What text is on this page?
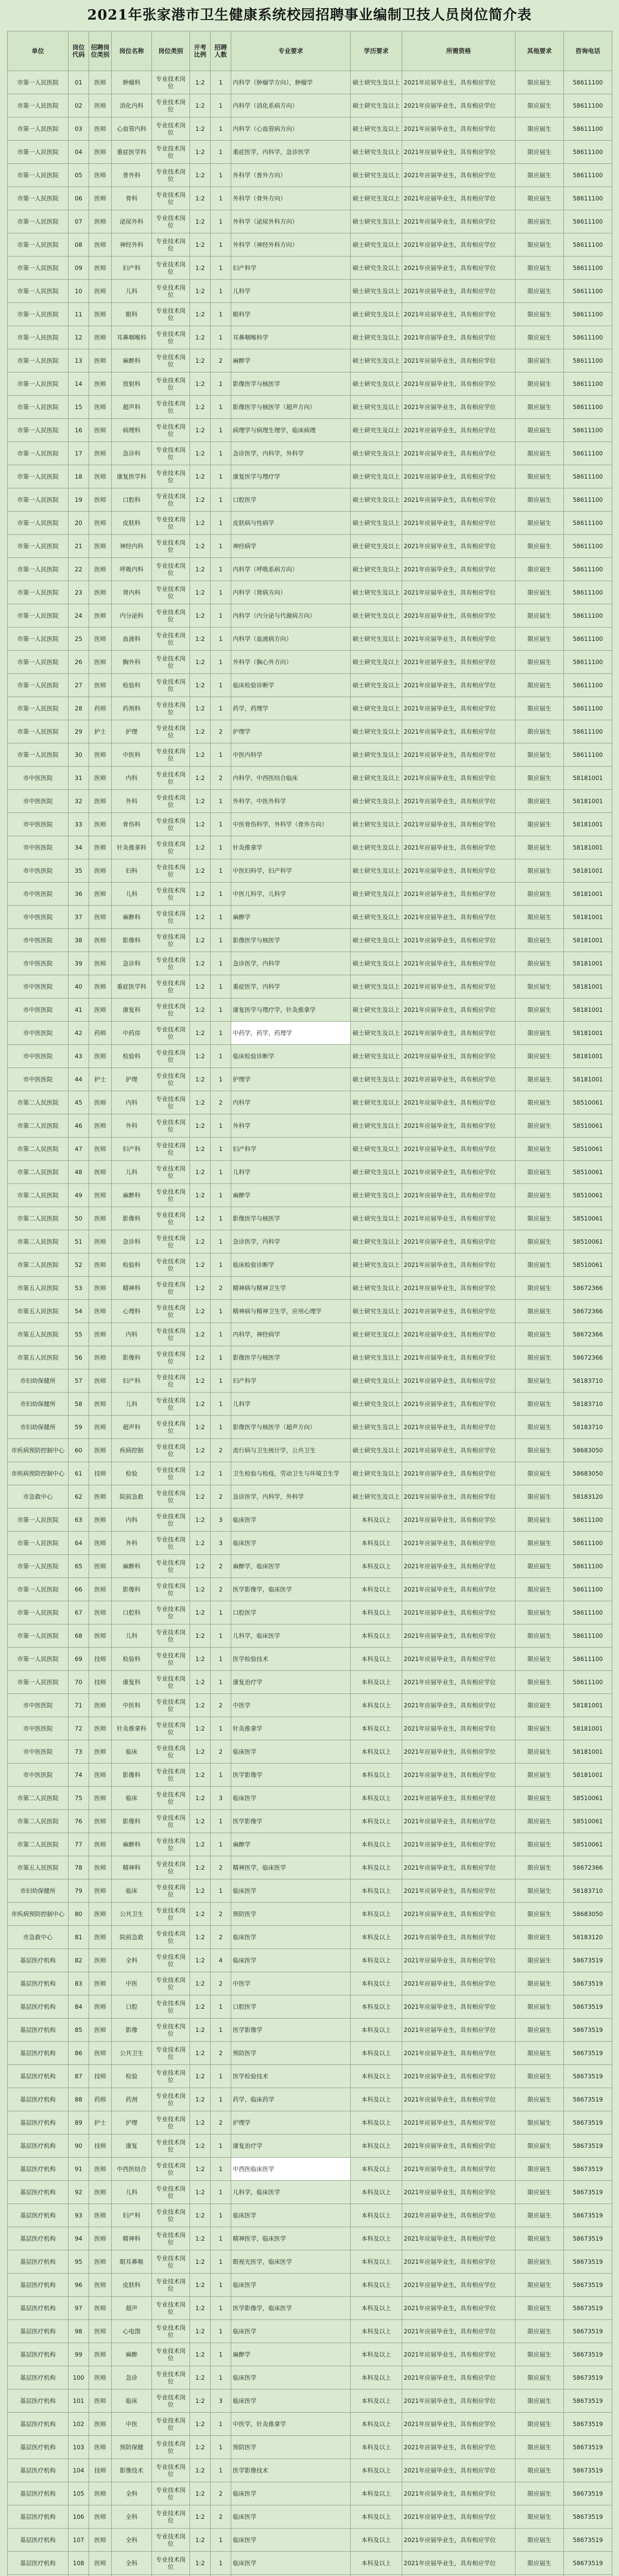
2021年张家港市卫生健康系统校园招聘事业编制卫技人员岗位简介表
单位	岗位代码	招聘岗位类别	岗位名称	岗位类别	开考比例	招聘人数	专业要求	学历要求	所需资格	其他要求	咨询电话
市第一人民医院	01	医师	肿瘤科	专业技术岗位	1:2	1	内科学（肿瘤学方向），肿瘤学	硕士研究生及以上	2021年应届毕业生，具有相应学位	限应届生	58611100
市第一人民医院	02	医师	消化内科	专业技术岗位	1:2	1	内科学（消化系病方向）	硕士研究生及以上	2021年应届毕业生，具有相应学位	限应届生	58611100
市第一人民医院	03	医师	心血管内科	专业技术岗位	1:2	1	内科学（心血管病方向）	硕士研究生及以上	2021年应届毕业生，具有相应学位	限应届生	58611100
市第一人民医院	04	医师	重症医学科	专业技术岗位	1:2	1	重症医学，内科学，急诊医学	硕士研究生及以上	2021年应届毕业生，具有相应学位	限应届生	58611100
市第一人民医院	05	医师	普外科	专业技术岗位	1:2	1	外科学（普外方向）	硕士研究生及以上	2021年应届毕业生，具有相应学位	限应届生	58611100
市第一人民医院	06	医师	骨科	专业技术岗位	1:2	1	外科学（骨外方向）	硕士研究生及以上	2021年应届毕业生，具有相应学位	限应届生	58611100
市第一人民医院	07	医师	泌尿外科	专业技术岗位	1:2	1	外科学（泌尿外科方向）	硕士研究生及以上	2021年应届毕业生，具有相应学位	限应届生	58611100
市第一人民医院	08	医师	神经外科	专业技术岗位	1:2	1	外科学（神经外科方向）	硕士研究生及以上	2021年应届毕业生，具有相应学位	限应届生	58611100
市第一人民医院	09	医师	妇产科	专业技术岗位	1:2	1	妇产科学	硕士研究生及以上	2021年应届毕业生，具有相应学位	限应届生	58611100
市第一人民医院	10	医师	儿科	专业技术岗位	1:2	1	儿科学	硕士研究生及以上	2021年应届毕业生，具有相应学位	限应届生	58611100
市第一人民医院	11	医师	眼科	专业技术岗位	1:2	1	眼科学	硕士研究生及以上	2021年应届毕业生，具有相应学位	限应届生	58611100
市第一人民医院	12	医师	耳鼻咽喉科	专业技术岗位	1:2	1	耳鼻咽喉科学	硕士研究生及以上	2021年应届毕业生，具有相应学位	限应届生	58611100
市第一人民医院	13	医师	麻醉科	专业技术岗位	1:2	2	麻醉学	硕士研究生及以上	2021年应届毕业生，具有相应学位	限应届生	58611100
市第一人民医院	14	医师	放射科	专业技术岗位	1:2	1	影像医学与核医学	硕士研究生及以上	2021年应届毕业生，具有相应学位	限应届生	58611100
市第一人民医院	15	医师	超声科	专业技术岗位	1:2	1	影像医学与核医学（超声方向）	硕士研究生及以上	2021年应届毕业生，具有相应学位	限应届生	58611100
市第一人民医院	16	医师	病理科	专业技术岗位	1:2	1	病理学与病理生理学，临床病理	硕士研究生及以上	2021年应届毕业生，具有相应学位	限应届生	58611100
市第一人民医院	17	医师	急诊科	专业技术岗位	1:2	1	急诊医学，内科学，外科学	硕士研究生及以上	2021年应届毕业生，具有相应学位	限应届生	58611100
市第一人民医院	18	医师	康复医学科	专业技术岗位	1:2	1	康复医学与理疗学	硕士研究生及以上	2021年应届毕业生，具有相应学位	限应届生	58611100
市第一人民医院	19	医师	口腔科	专业技术岗位	1:2	1	口腔医学	硕士研究生及以上	2021年应届毕业生，具有相应学位	限应届生	58611100
市第一人民医院	20	医师	皮肤科	专业技术岗位	1:2	1	皮肤病与性病学	硕士研究生及以上	2021年应届毕业生，具有相应学位	限应届生	58611100
市第一人民医院	21	医师	神经内科	专业技术岗位	1:2	1	神经病学	硕士研究生及以上	2021年应届毕业生，具有相应学位	限应届生	58611100
市第一人民医院	22	医师	呼吸内科	专业技术岗位	1:2	1	内科学（呼吸系病方向）	硕士研究生及以上	2021年应届毕业生，具有相应学位	限应届生	58611100
市第一人民医院	23	医师	肾内科	专业技术岗位	1:2	1	内科学（肾病方向）	硕士研究生及以上	2021年应届毕业生，具有相应学位	限应届生	58611100
市第一人民医院	24	医师	内分泌科	专业技术岗位	1:2	1	内科学（内分泌与代谢病方向）	硕士研究生及以上	2021年应届毕业生，具有相应学位	限应届生	58611100
市第一人民医院	25	医师	血液科	专业技术岗位	1:2	1	内科学（血液病方向）	硕士研究生及以上	2021年应届毕业生，具有相应学位	限应届生	58611100
市第一人民医院	26	医师	胸外科	专业技术岗位	1:2	1	外科学（胸心外方向）	硕士研究生及以上	2021年应届毕业生，具有相应学位	限应届生	58611100
市第一人民医院	27	医师	检验科	专业技术岗位	1:2	1	临床检验诊断学	硕士研究生及以上	2021年应届毕业生，具有相应学位	限应届生	58611100
市第一人民医院	28	药师	药剂科	专业技术岗位	1:2	1	药学，药理学	硕士研究生及以上	2021年应届毕业生，具有相应学位	限应届生	58611100
市第一人民医院	29	护士	护理	专业技术岗位	1:2	2	护理学	硕士研究生及以上	2021年应届毕业生，具有相应学位	限应届生	58611100
市第一人民医院	30	医师	中医科	专业技术岗位	1:2	1	中医内科学	硕士研究生及以上	2021年应届毕业生，具有相应学位	限应届生	58611100
市中医医院	31	医师	内科	专业技术岗位	1:2	2	内科学，中西医结合临床	硕士研究生及以上	2021年应届毕业生，具有相应学位	限应届生	58181001
市中医医院	32	医师	外科	专业技术岗位	1:2	1	外科学，中医外科学	硕士研究生及以上	2021年应届毕业生，具有相应学位	限应届生	58181001
市中医医院	33	医师	骨伤科	专业技术岗位	1:2	1	中医骨伤科学，外科学（骨外方向）	硕士研究生及以上	2021年应届毕业生，具有相应学位	限应届生	58181001
市中医医院	34	医师	针灸推拿科	专业技术岗位	1:2	1	针灸推拿学	硕士研究生及以上	2021年应届毕业生，具有相应学位	限应届生	58181001
市中医医院	35	医师	妇科	专业技术岗位	1:2	1	中医妇科学，妇产科学	硕士研究生及以上	2021年应届毕业生，具有相应学位	限应届生	58181001
市中医医院	36	医师	儿科	专业技术岗位	1:2	1	中医儿科学，儿科学	硕士研究生及以上	2021年应届毕业生，具有相应学位	限应届生	58181001
市中医医院	37	医师	麻醉科	专业技术岗位	1:2	1	麻醉学	硕士研究生及以上	2021年应届毕业生，具有相应学位	限应届生	58181001
市中医医院	38	医师	影像科	专业技术岗位	1:2	1	影像医学与核医学	硕士研究生及以上	2021年应届毕业生，具有相应学位	限应届生	58181001
市中医医院	39	医师	急诊科	专业技术岗位	1:2	1	急诊医学，内科学	硕士研究生及以上	2021年应届毕业生，具有相应学位	限应届生	58181001
市中医医院	40	医师	重症医学科	专业技术岗位	1:2	1	重症医学，内科学	硕士研究生及以上	2021年应届毕业生，具有相应学位	限应届生	58181001
市中医医院	41	医师	康复科	专业技术岗位	1:2	1	康复医学与理疗学，针灸推拿学	硕士研究生及以上	2021年应届毕业生，具有相应学位	限应届生	58181001
市中医医院	42	药师	中药房	专业技术岗位	1:2	1	中药学，药学，药理学	硕士研究生及以上	2021年应届毕业生，具有相应学位	限应届生	58181001
市中医医院	43	医师	检验科	专业技术岗位	1:2	1	临床检验诊断学	硕士研究生及以上	2021年应届毕业生，具有相应学位	限应届生	58181001
市中医医院	44	护士	护理	专业技术岗位	1:2	1	护理学	硕士研究生及以上	2021年应届毕业生，具有相应学位	限应届生	58181001
市第二人民医院	45	医师	内科	专业技术岗位	1:2	2	内科学	硕士研究生及以上	2021年应届毕业生，具有相应学位	限应届生	58510061
市第二人民医院	46	医师	外科	专业技术岗位	1:2	1	外科学	硕士研究生及以上	2021年应届毕业生，具有相应学位	限应届生	58510061
市第二人民医院	47	医师	妇产科	专业技术岗位	1:2	1	妇产科学	硕士研究生及以上	2021年应届毕业生，具有相应学位	限应届生	58510061
市第二人民医院	48	医师	儿科	专业技术岗位	1:2	1	儿科学	硕士研究生及以上	2021年应届毕业生，具有相应学位	限应届生	58510061
市第二人民医院	49	医师	麻醉科	专业技术岗位	1:2	1	麻醉学	硕士研究生及以上	2021年应届毕业生，具有相应学位	限应届生	58510061
市第二人民医院	50	医师	影像科	专业技术岗位	1:2	1	影像医学与核医学	硕士研究生及以上	2021年应届毕业生，具有相应学位	限应届生	58510061
市第二人民医院	51	医师	急诊科	专业技术岗位	1:2	1	急诊医学，内科学	硕士研究生及以上	2021年应届毕业生，具有相应学位	限应届生	58510061
市第二人民医院	52	医师	检验科	专业技术岗位	1:2	1	临床检验诊断学	硕士研究生及以上	2021年应届毕业生，具有相应学位	限应届生	58510061
市第五人民医院	53	医师	精神科	专业技术岗位	1:2	2	精神病与精神卫生学	硕士研究生及以上	2021年应届毕业生，具有相应学位	限应届生	58672366
市第五人民医院	54	医师	心理科	专业技术岗位	1:2	1	精神病与精神卫生学，应用心理学	硕士研究生及以上	2021年应届毕业生，具有相应学位	限应届生	58672366
市第五人民医院	55	医师	内科	专业技术岗位	1:2	1	内科学，神经病学	硕士研究生及以上	2021年应届毕业生，具有相应学位	限应届生	58672366
市第五人民医院	56	医师	影像科	专业技术岗位	1:2	1	影像医学与核医学	硕士研究生及以上	2021年应届毕业生，具有相应学位	限应届生	58672366
市妇幼保健所	57	医师	妇产科	专业技术岗位	1:2	1	妇产科学	硕士研究生及以上	2021年应届毕业生，具有相应学位	限应届生	58183710
市妇幼保健所	58	医师	儿科	专业技术岗位	1:2	1	儿科学	硕士研究生及以上	2021年应届毕业生，具有相应学位	限应届生	58183710
市妇幼保健所	59	医师	超声科	专业技术岗位	1:2	1	影像医学与核医学（超声方向）	硕士研究生及以上	2021年应届毕业生，具有相应学位	限应届生	58183710
市疾病预防控制中心	60	医师	疾病控制	专业技术岗位	1:2	2	流行病与卫生统计学，公共卫生	硕士研究生及以上	2021年应届毕业生，具有相应学位	限应届生	58683050
市疾病预防控制中心	61	技师	检验	专业技术岗位	1:2	1	卫生检验与检疫，劳动卫生与环境卫生学	硕士研究生及以上	2021年应届毕业生，具有相应学位	限应届生	58683050
市急救中心	62	医师	院前急救	专业技术岗位	1:2	2	急诊医学，内科学，外科学	硕士研究生及以上	2021年应届毕业生，具有相应学位	限应届生	58183120
市第一人民医院	63	医师	内科	专业技术岗位	1:2	3	临床医学	本科及以上	2021年应届毕业生，具有相应学位	限应届生	58611100
市第一人民医院	64	医师	外科	专业技术岗位	1:2	3	临床医学	本科及以上	2021年应届毕业生，具有相应学位	限应届生	58611100
市第一人民医院	65	医师	麻醉科	专业技术岗位	1:2	2	麻醉学，临床医学	本科及以上	2021年应届毕业生，具有相应学位	限应届生	58611100
市第一人民医院	66	医师	影像科	专业技术岗位	1:2	2	医学影像学，临床医学	本科及以上	2021年应届毕业生，具有相应学位	限应届生	58611100
市第一人民医院	67	医师	口腔科	专业技术岗位	1:2	1	口腔医学	本科及以上	2021年应届毕业生，具有相应学位	限应届生	58611100
市第一人民医院	68	医师	儿科	专业技术岗位	1:2	1	儿科学，临床医学	本科及以上	2021年应届毕业生，具有相应学位	限应届生	58611100
市第一人民医院	69	技师	检验科	专业技术岗位	1:2	1	医学检验技术	本科及以上	2021年应届毕业生，具有相应学位	限应届生	58611100
市第一人民医院	70	技师	康复科	专业技术岗位	1:2	1	康复治疗学	本科及以上	2021年应届毕业生，具有相应学位	限应届生	58611100
市中医医院	71	医师	中医科	专业技术岗位	1:2	2	中医学	本科及以上	2021年应届毕业生，具有相应学位	限应届生	58181001
市中医医院	72	医师	针灸推拿科	专业技术岗位	1:2	1	针灸推拿学	本科及以上	2021年应届毕业生，具有相应学位	限应届生	58181001
市中医医院	73	医师	临床	专业技术岗位	1:2	2	临床医学	本科及以上	2021年应届毕业生，具有相应学位	限应届生	58181001
市中医医院	74	医师	影像科	专业技术岗位	1:2	1	医学影像学	本科及以上	2021年应届毕业生，具有相应学位	限应届生	58181001
市第二人民医院	75	医师	临床	专业技术岗位	1:2	3	临床医学	本科及以上	2021年应届毕业生，具有相应学位	限应届生	58510061
市第二人民医院	76	医师	影像科	专业技术岗位	1:2	1	医学影像学	本科及以上	2021年应届毕业生，具有相应学位	限应届生	58510061
市第二人民医院	77	医师	麻醉科	专业技术岗位	1:2	1	麻醉学	本科及以上	2021年应届毕业生，具有相应学位	限应届生	58510061
市第五人民医院	78	医师	精神科	专业技术岗位	1:2	2	精神医学，临床医学	本科及以上	2021年应届毕业生，具有相应学位	限应届生	58672366
市妇幼保健所	79	医师	临床	专业技术岗位	1:2	1	临床医学	本科及以上	2021年应届毕业生，具有相应学位	限应届生	58183710
市疾病预防控制中心	80	医师	公共卫生	专业技术岗位	1:2	2	预防医学	本科及以上	2021年应届毕业生，具有相应学位	限应届生	58683050
市急救中心	81	医师	院前急救	专业技术岗位	1:2	2	临床医学	本科及以上	2021年应届毕业生，具有相应学位	限应届生	58183120
基层医疗机构	82	医师	全科	专业技术岗位	1:2	4	临床医学	本科及以上	2021年应届毕业生，具有相应学位	限应届生	58673519
基层医疗机构	83	医师	中医	专业技术岗位	1:2	2	中医学	本科及以上	2021年应届毕业生，具有相应学位	限应届生	58673519
基层医疗机构	84	医师	口腔	专业技术岗位	1:2	1	口腔医学	本科及以上	2021年应届毕业生，具有相应学位	限应届生	58673519
基层医疗机构	85	医师	影像	专业技术岗位	1:2	1	医学影像学	本科及以上	2021年应届毕业生，具有相应学位	限应届生	58673519
基层医疗机构	86	医师	公共卫生	专业技术岗位	1:2	2	预防医学	本科及以上	2021年应届毕业生，具有相应学位	限应届生	58673519
基层医疗机构	87	技师	检验	专业技术岗位	1:2	1	医学检验技术	本科及以上	2021年应届毕业生，具有相应学位	限应届生	58673519
基层医疗机构	88	药师	药剂	专业技术岗位	1:2	1	药学，临床药学	本科及以上	2021年应届毕业生，具有相应学位	限应届生	58673519
基层医疗机构	89	护士	护理	专业技术岗位	1:2	2	护理学	本科及以上	2021年应届毕业生，具有相应学位	限应届生	58673519
基层医疗机构	90	技师	康复	专业技术岗位	1:2	1	康复治疗学	本科及以上	2021年应届毕业生，具有相应学位	限应届生	58673519
基层医疗机构	91	医师	中西医结合	专业技术岗位	1:2	1	中西医临床医学	本科及以上	2021年应届毕业生，具有相应学位	限应届生	58673519
基层医疗机构	92	医师	儿科	专业技术岗位	1:2	1	儿科学，临床医学	本科及以上	2021年应届毕业生，具有相应学位	限应届生	58673519
基层医疗机构	93	医师	妇产科	专业技术岗位	1:2	1	临床医学	本科及以上	2021年应届毕业生，具有相应学位	限应届生	58673519
基层医疗机构	94	医师	精神科	专业技术岗位	1:2	1	精神医学，临床医学	本科及以上	2021年应届毕业生，具有相应学位	限应届生	58673519
基层医疗机构	95	医师	眼耳鼻喉	专业技术岗位	1:2	1	眼视光医学，临床医学	本科及以上	2021年应届毕业生，具有相应学位	限应届生	58673519
基层医疗机构	96	医师	皮肤科	专业技术岗位	1:2	1	临床医学	本科及以上	2021年应届毕业生，具有相应学位	限应届生	58673519
基层医疗机构	97	医师	超声	专业技术岗位	1:2	1	医学影像学，临床医学	本科及以上	2021年应届毕业生，具有相应学位	限应届生	58673519
基层医疗机构	98	医师	心电图	专业技术岗位	1:2	1	临床医学	本科及以上	2021年应届毕业生，具有相应学位	限应届生	58673519
基层医疗机构	99	医师	麻醉	专业技术岗位	1:2	1	麻醉学	本科及以上	2021年应届毕业生，具有相应学位	限应届生	58673519
基层医疗机构	100	医师	急诊	专业技术岗位	1:2	1	临床医学	本科及以上	2021年应届毕业生，具有相应学位	限应届生	58673519
基层医疗机构	101	医师	临床	专业技术岗位	1:2	3	临床医学	本科及以上	2021年应届毕业生，具有相应学位	限应届生	58673519
基层医疗机构	102	医师	中医	专业技术岗位	1:2	1	中医学，针灸推拿学	本科及以上	2021年应届毕业生，具有相应学位	限应届生	58673519
基层医疗机构	103	医师	预防保健	专业技术岗位	1:2	1	预防医学	本科及以上	2021年应届毕业生，具有相应学位	限应届生	58673519
基层医疗机构	104	技师	影像技术	专业技术岗位	1:2	1	医学影像技术	本科及以上	2021年应届毕业生，具有相应学位	限应届生	58673519
基层医疗机构	105	医师	全科	专业技术岗位	1:2	2	临床医学	本科及以上	2021年应届毕业生，具有相应学位	限应届生	58673519
基层医疗机构	106	医师	全科	专业技术岗位	1:2	2	临床医学	本科及以上	2021年应届毕业生，具有相应学位	限应届生	58673519
基层医疗机构	107	医师	全科	专业技术岗位	1:2	1	临床医学	本科及以上	2021年应届毕业生，具有相应学位	限应届生	58673519
基层医疗机构	108	医师	全科	专业技术岗位	1:2	1	临床医学	本科及以上	2021年应届毕业生，具有相应学位	限应届生	58673519
